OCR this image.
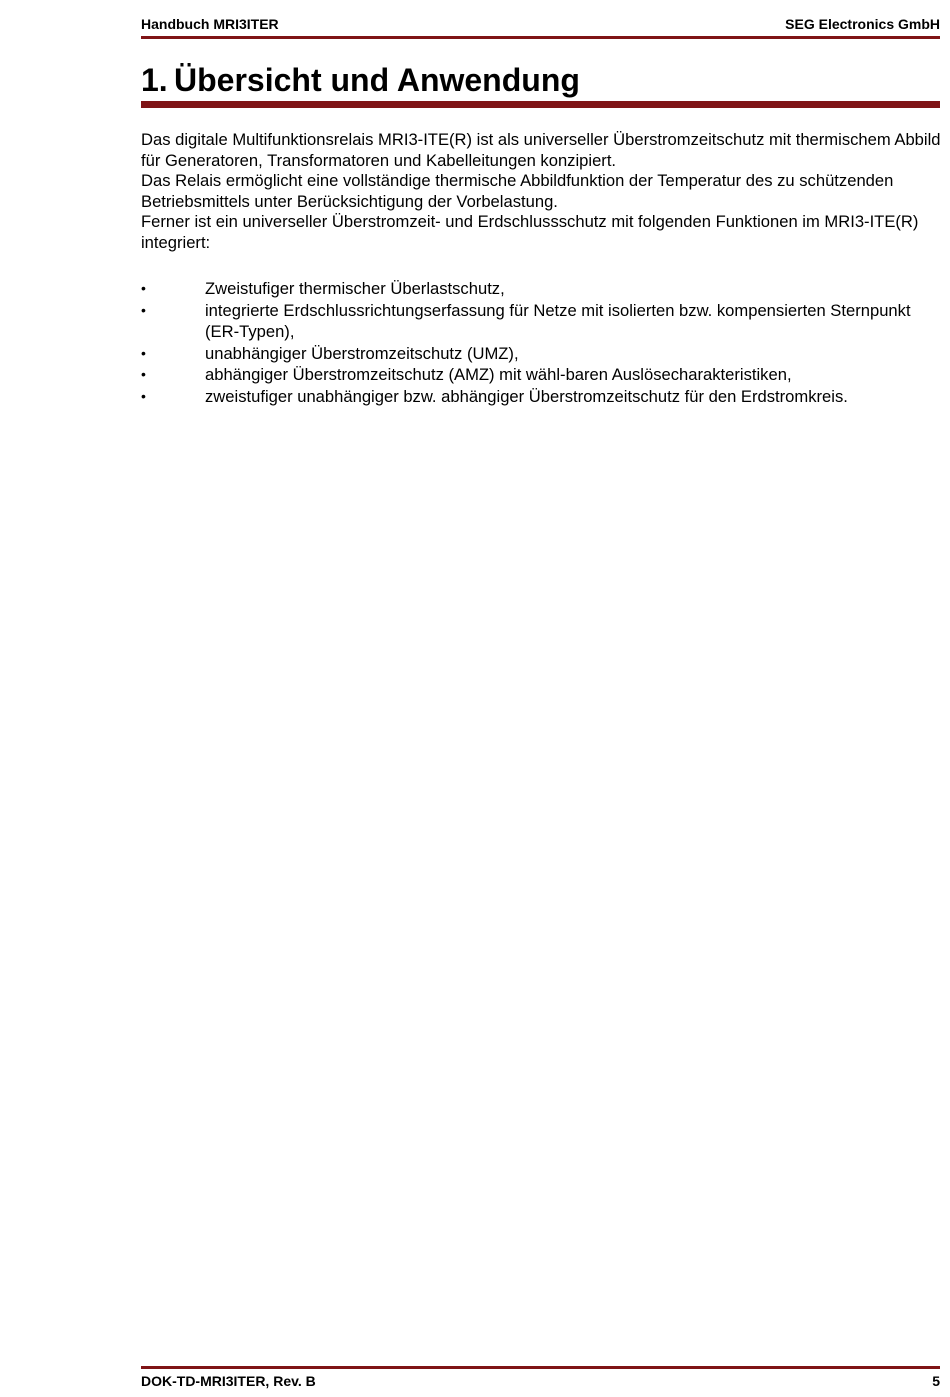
Handbuch MRI3ITER	SEG Electronics GmbH
1. Übersicht und Anwendung

Das digitale Multifunktionsrelais MRI3-ITE(R) ist als universeller Überstromzeitschutz mit thermischem Abbild für Generatoren, Transformatoren und Kabelleitungen konzipiert.

Das Relais ermöglicht eine vollständige thermische Abbildfunktion der Temperatur des zu schützenden Betriebsmittels unter Berücksichtigung der Vorbelastung.

Ferner ist ein universeller Überstromzeit- und Erdschlussschutz mit folgenden Funktionen im MRI3-ITE(R) integriert:

•	Zweistufiger thermischer Überlastschutz,
•	integrierte Erdschlussrichtungserfassung für Netze mit isolierten bzw. kompensierten Sternpunkt (ER-Typen),
•	unabhängiger Überstromzeitschutz (UMZ),
•	abhängiger Überstromzeitschutz (AMZ) mit wähl-baren Auslösecharakteristiken,
•	zweistufiger unabhängiger bzw. abhängiger Überstromzeitschutz für den Erdstromkreis.
DOK-TD-MRI3ITER, Rev. B	5
